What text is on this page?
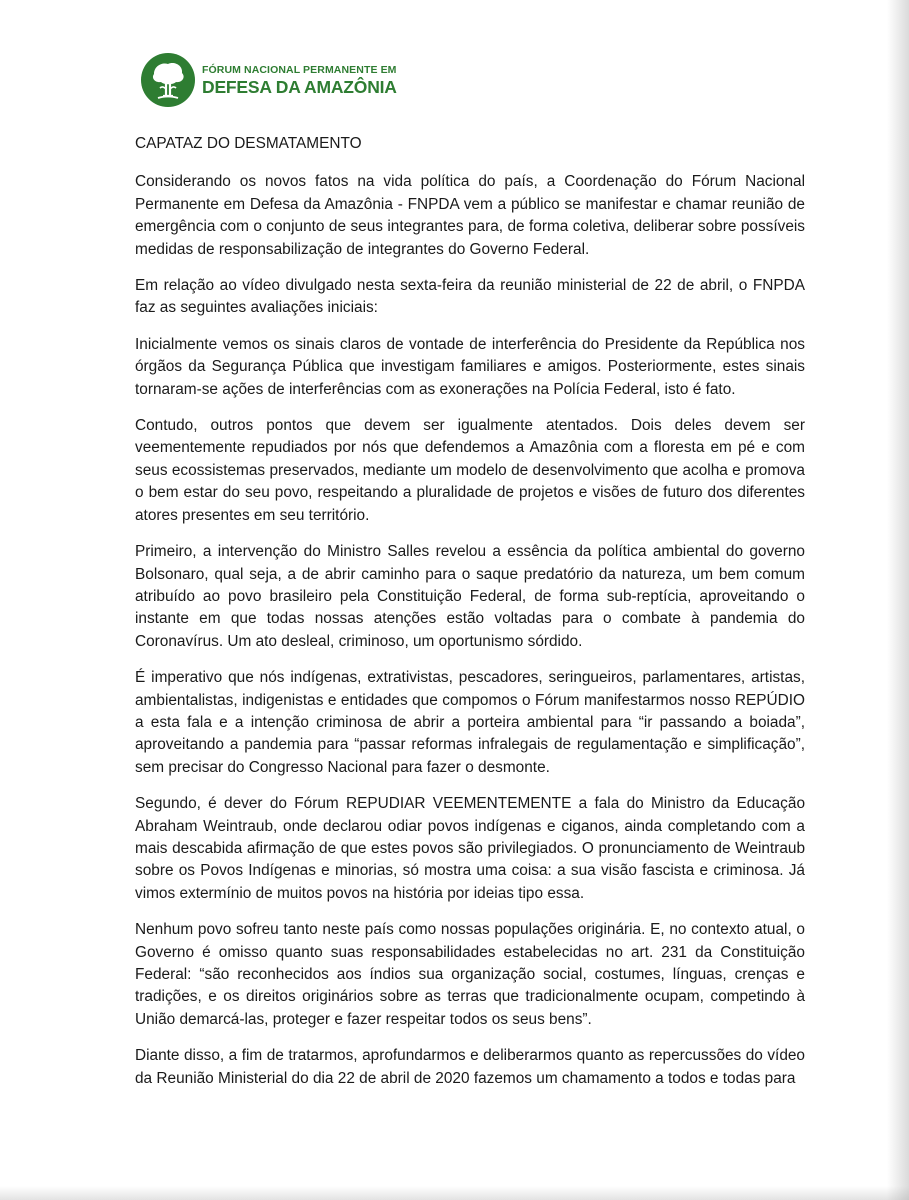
FÓRUM NACIONAL PERMANENTE EM
DEFESA DA AMAZÔNIA

CAPATAZ DO DESMATAMENTO

Considerando os novos fatos na vida política do país, a Coordenação do Fórum Nacional Permanente em Defesa da Amazônia - FNPDA vem a público se manifestar e chamar reunião de emergência com o conjunto de seus integrantes para, de forma coletiva, deliberar sobre possíveis medidas de responsabilização de integrantes do Governo Federal.

Em relação ao vídeo divulgado nesta sexta-feira da reunião ministerial de 22 de abril, o FNPDA faz as seguintes avaliações iniciais:

Inicialmente vemos os sinais claros de vontade de interferência do Presidente da República nos órgãos da Segurança Pública que investigam familiares e amigos. Posteriormente, estes sinais tornaram-se ações de interferências com as exonerações na Polícia Federal, isto é fato.

Contudo, outros pontos que devem ser igualmente atentados. Dois deles devem ser veementemente repudiados por nós que defendemos a Amazônia com a floresta em pé e com seus ecossistemas preservados, mediante um modelo de desenvolvimento que acolha e promova o bem estar do seu povo, respeitando a pluralidade de projetos e visões de futuro dos diferentes atores presentes em seu território.

Primeiro, a intervenção do Ministro Salles revelou a essência da política ambiental do governo Bolsonaro, qual seja, a de abrir caminho para o saque predatório da natureza, um bem comum atribuído ao povo brasileiro pela Constituição Federal, de forma sub-reptícia, aproveitando o instante em que todas nossas atenções estão voltadas para o combate à pandemia do Coronavírus. Um ato desleal, criminoso, um oportunismo sórdido.

É imperativo que nós indígenas, extrativistas, pescadores, seringueiros, parlamentares, artistas, ambientalistas, indigenistas e entidades que compomos o Fórum manifestarmos nosso REPÚDIO a esta fala e a intenção criminosa de abrir a porteira ambiental para “ir passando a boiada”, aproveitando a pandemia para “passar reformas infralegais de regulamentação e simplificação”, sem precisar do Congresso Nacional para fazer o desmonte.

Segundo, é dever do Fórum REPUDIAR VEEMENTEMENTE a fala do Ministro da Educação Abraham Weintraub, onde declarou odiar povos indígenas e ciganos, ainda completando com a mais descabida afirmação de que estes povos são privilegiados. O pronunciamento de Weintraub sobre os Povos Indígenas e minorias, só mostra uma coisa: a sua visão fascista e criminosa. Já vimos extermínio de muitos povos na história por ideias tipo essa.

Nenhum povo sofreu tanto neste país como nossas populações originária. E, no contexto atual, o Governo é omisso quanto suas responsabilidades estabelecidas no art. 231 da Constituição Federal: “são reconhecidos aos índios sua organização social, costumes, línguas, crenças e tradições, e os direitos originários sobre as terras que tradicionalmente ocupam, competindo à União demarcá-las, proteger e fazer respeitar todos os seus bens”.

Diante disso, a fim de tratarmos, aprofundarmos e deliberarmos quanto as repercussões do vídeo da Reunião Ministerial do dia 22 de abril de 2020 fazemos um chamamento a todos e todas para
